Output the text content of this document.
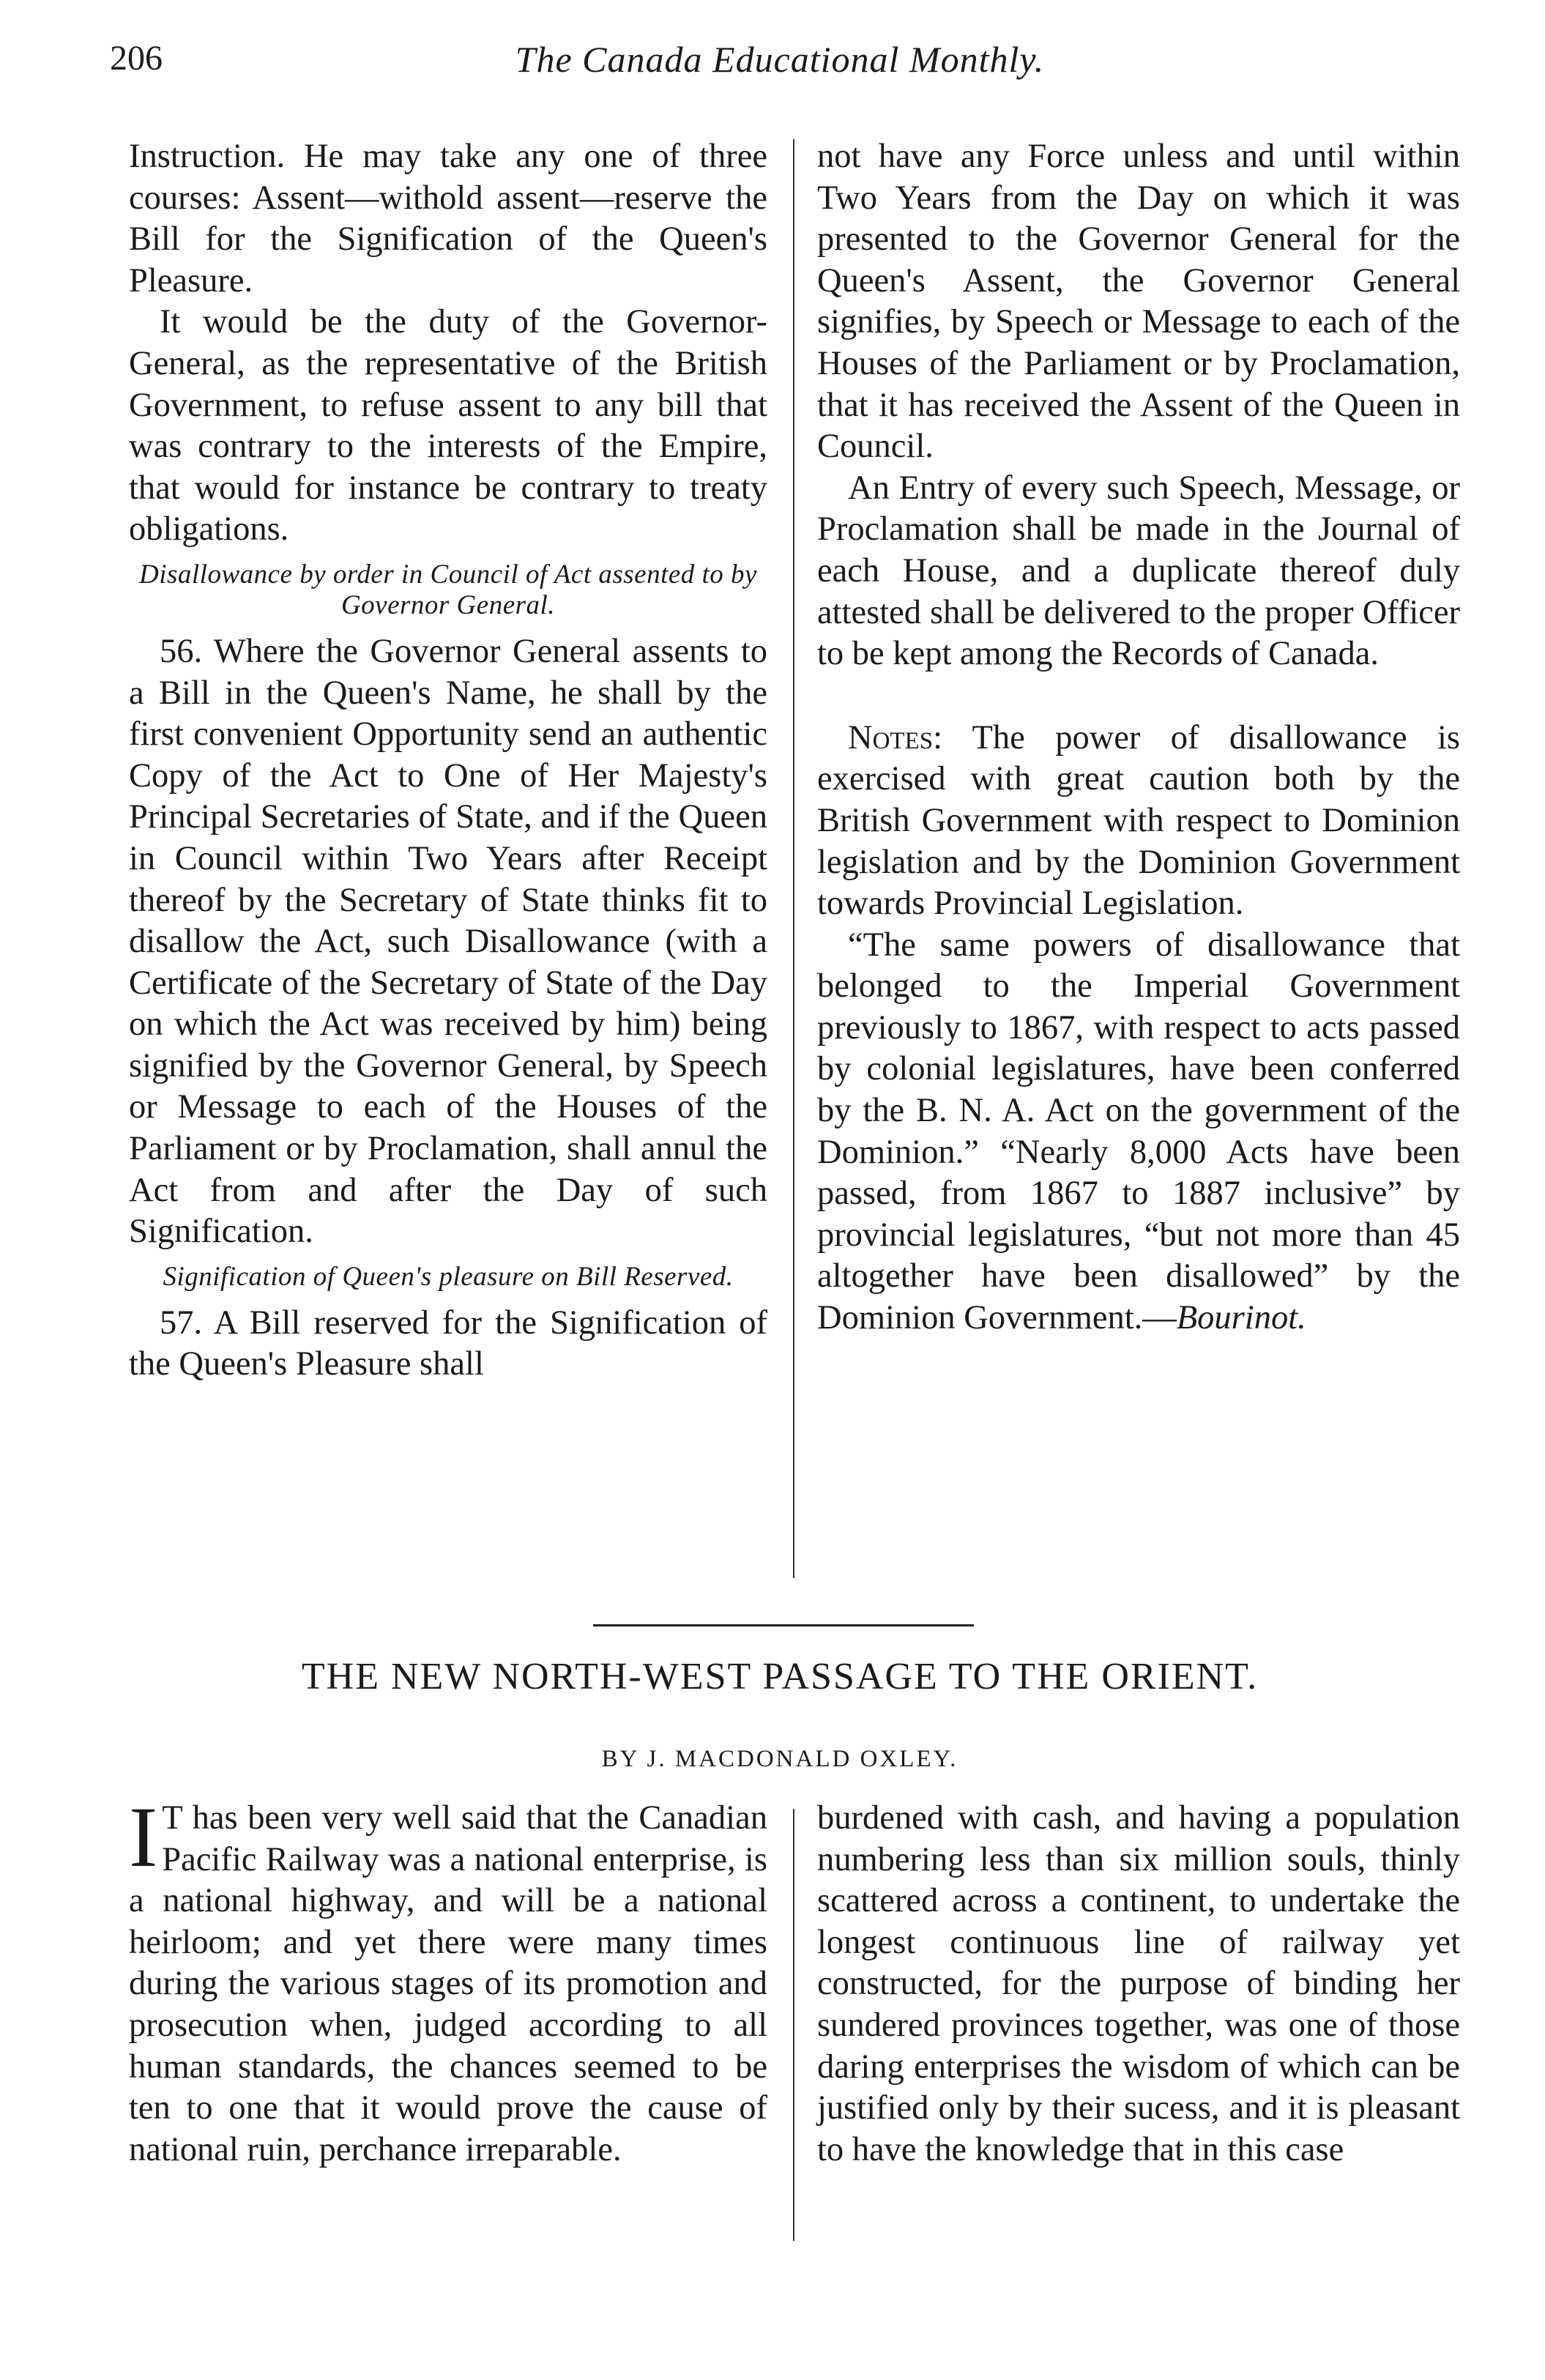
206	The Canada Educational Monthly.

Instruction. He may take any one of three courses: Assent—withold assent—reserve the Bill for the Signification of the Queen's Pleasure.

It would be the duty of the Governor-General, as the representative of the British Government, to refuse assent to any bill that was contrary to the interests of the Empire, that would for instance be contrary to treaty obligations.

Disallowance by order in Council of Act assented to by Governor General.

56. Where the Governor General assents to a Bill in the Queen's Name, he shall by the first convenient Opportunity send an authentic Copy of the Act to One of Her Majesty's Principal Secretaries of State, and if the Queen in Council within Two Years after Receipt thereof by the Secretary of State thinks fit to disallow the Act, such Disallowance (with a Certificate of the Secretary of State of the Day on which the Act was received by him) being signified by the Governor General, by Speech or Message to each of the Houses of the Parliament or by Proclamation, shall annul the Act from and after the Day of such Signification.

Signification of Queen's pleasure on Bill Reserved.

57. A Bill reserved for the Signification of the Queen's Pleasure shall

not have any Force unless and until within Two Years from the Day on which it was presented to the Governor General for the Queen's Assent, the Governor General signifies, by Speech or Message to each of the Houses of the Parliament or by Proclamation, that it has received the Assent of the Queen in Council.

An Entry of every such Speech, Message, or Proclamation shall be made in the Journal of each House, and a duplicate thereof duly attested shall be delivered to the proper Officer to be kept among the Records of Canada.

Notes: The power of disallowance is exercised with great caution both by the British Government with respect to Dominion legislation and by the Dominion Government towards Provincial Legislation.

“The same powers of disallowance that belonged to the Imperial Government previously to 1867, with respect to acts passed by colonial legislatures, have been conferred by the B. N. A. Act on the government of the Dominion.” “Nearly 8,000 Acts have been passed, from 1867 to 1887 inclusive” by provincial legislatures, “but not more than 45 altogether have been disallowed” by the Dominion Government.—Bourinot.

THE NEW NORTH-WEST PASSAGE TO THE ORIENT.
BY J. MACDONALD OXLEY.

I T has been very well said that the Canadian Pacific Railway was a national enterprise, is a national highway, and will be a national heirloom; and yet there were many times during the various stages of its promotion and prosecution when, judged according to all human standards, the chances seemed to be ten to one that it would prove the cause of national ruin, perchance irreparable.

burdened with cash, and having a population numbering less than six million souls, thinly scattered across a continent, to undertake the longest continuous line of railway yet constructed, for the purpose of binding her sundered provinces together, was one of those daring enterprises the wisdom of which can be justified only by their sucess, and it is pleasant to have the knowledge that in this case
